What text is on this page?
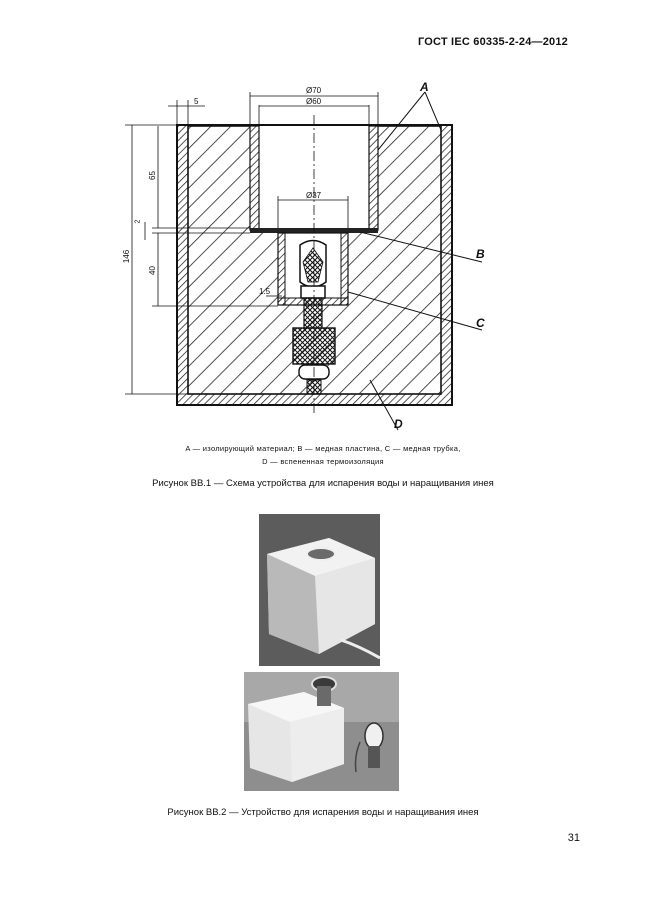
ГОСТ IEC 60335-2-24—2012
Ø70
Ø60
Ø37
5
146
65
2
40
1.5
A
B
C
D
A — изолирующий материал; B — медная пластина, C — медная трубка,
D — вспененная термоизоляция
Рисунок BB.1 — Схема устройства для испарения воды и наращивания инея
Рисунок BB.2 — Устройство для испарения воды и наращивания инея
31
